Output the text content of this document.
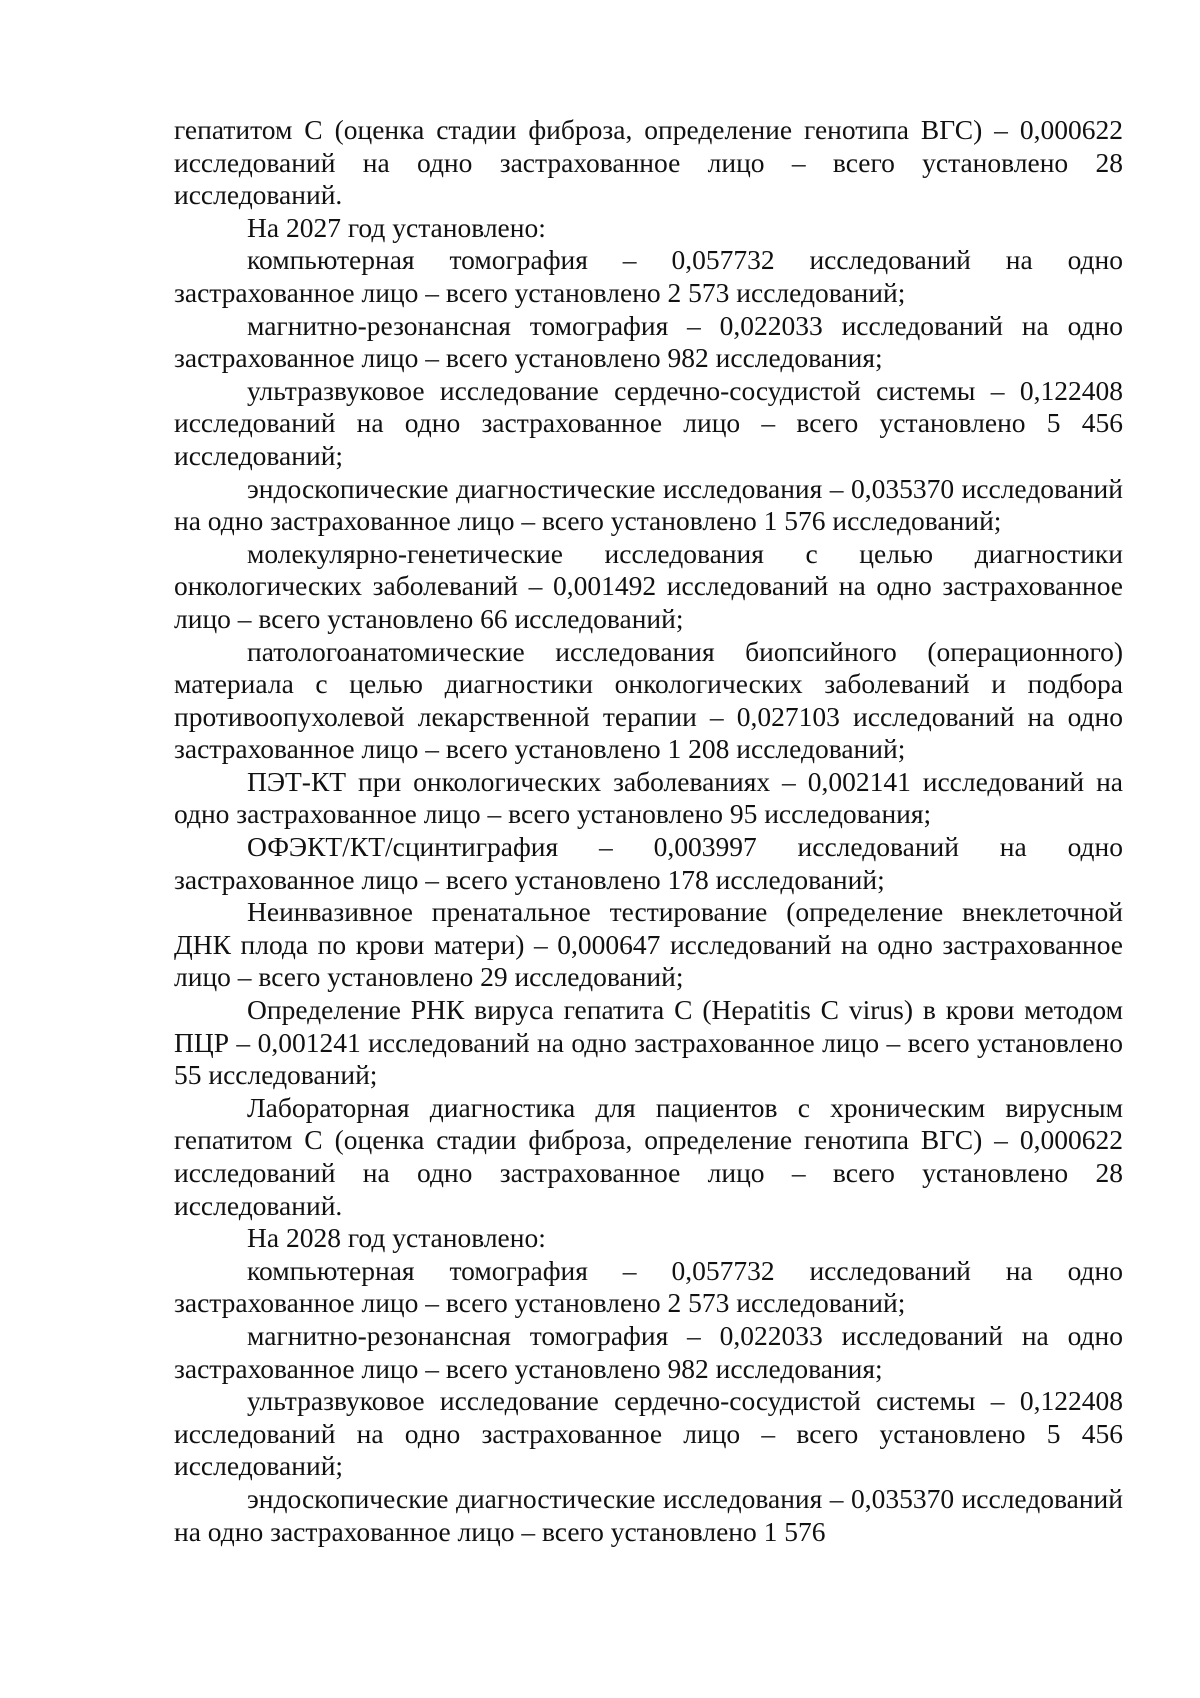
гепатитом С (оценка стадии фиброза, определение генотипа ВГС) – 0,000622 исследований на одно застрахованное лицо – всего установлено 28 исследований.

На 2027 год установлено:

компьютерная томография – 0,057732 исследований на одно застрахованное лицо – всего установлено 2 573 исследований;

магнитно-резонансная томография – 0,022033 исследований на одно застрахованное лицо – всего установлено 982 исследования;

ультразвуковое исследование сердечно-сосудистой системы – 0,122408 исследований на одно застрахованное лицо – всего установлено 5 456 исследований;

эндоскопические диагностические исследования – 0,035370 исследований на одно застрахованное лицо – всего установлено 1 576 исследований;

молекулярно-генетические исследования с целью диагностики онкологических заболеваний – 0,001492 исследований на одно застрахованное лицо – всего установлено 66 исследований;

патологоанатомические исследования биопсийного (операционного) материала с целью диагностики онкологических заболеваний и подбора противоопухолевой лекарственной терапии – 0,027103 исследований на одно застрахованное лицо – всего установлено 1 208 исследований;

ПЭТ-КТ при онкологических заболеваниях – 0,002141 исследований на одно застрахованное лицо – всего установлено 95 исследования;

ОФЭКТ/КТ/сцинтиграфия – 0,003997 исследований на одно застрахованное лицо – всего установлено 178 исследований;

Неинвазивное пренатальное тестирование (определение внеклеточной ДНК плода по крови матери) – 0,000647 исследований на одно застрахованное лицо – всего установлено 29 исследований;

Определение РНК вируса гепатита С (Hepatitis C virus) в крови методом ПЦР – 0,001241 исследований на одно застрахованное лицо – всего установлено 55 исследований;

Лабораторная диагностика для пациентов с хроническим вирусным гепатитом С (оценка стадии фиброза, определение генотипа ВГС) – 0,000622 исследований на одно застрахованное лицо – всего установлено 28 исследований.

На 2028 год установлено:

компьютерная томография – 0,057732 исследований на одно застрахованное лицо – всего установлено 2 573 исследований;

магнитно-резонансная томография – 0,022033 исследований на одно застрахованное лицо – всего установлено 982 исследования;

ультразвуковое исследование сердечно-сосудистой системы – 0,122408 исследований на одно застрахованное лицо – всего установлено 5 456 исследований;

эндоскопические диагностические исследования – 0,035370 исследований на одно застрахованное лицо – всего установлено 1 576
